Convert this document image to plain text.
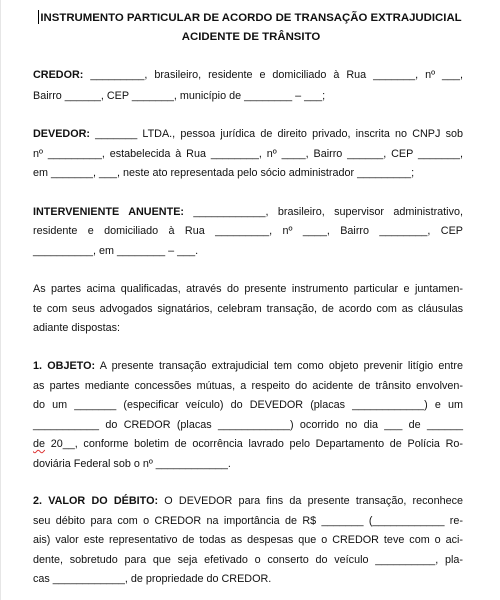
INSTRUMENTO PARTICULAR DE ACORDO DE TRANSAÇÃO EXTRAJUDICIAL
ACIDENTE DE TRÂNSITO
CREDOR: _________, brasileiro, residente e domiciliado à Rua _______, nº ___,
Bairro ______, CEP _______, município de ________ – ___;
DEVEDOR: _______ LTDA., pessoa jurídica de direito privado, inscrita no CNPJ sob
nº _________, estabelecida à Rua ________, nº ____, Bairro ______, CEP _______,
em _______, ___, neste ato representada pelo sócio administrador _________;
INTERVENIENTE ANUENTE: ____________, brasileiro, supervisor administrativo,
residente e domiciliado à Rua _________, nº ____, Bairro ________, CEP
__________, em ________ – ___.
As partes acima qualificadas, através do presente instrumento particular e juntamen-
te com seus advogados signatários, celebram transação, de acordo com as cláusulas
adiante dispostas:
1. OBJETO: A presente transação extrajudicial tem como objeto prevenir litígio entre
as partes mediante concessões mútuas, a respeito do acidente de trânsito envolven-
do um _______ (especificar veículo) do DEVEDOR (placas ____________) e um
___________ do CREDOR (placas ____________) ocorrido no dia ___ de ______
de 20__, conforme boletim de ocorrência lavrado pelo Departamento de Polícia Ro-
doviária Federal sob o nº ____________.
2. VALOR DO DÉBITO: O DEVEDOR para fins da presente transação, reconhece
seu débito para com o CREDOR na importância de R$ _______ (____________ re-
ais) valor este representativo de todas as despesas que o CREDOR teve com o aci-
dente, sobretudo para que seja efetivado o conserto do veículo __________, pla-
cas ____________, de propriedade do CREDOR.
